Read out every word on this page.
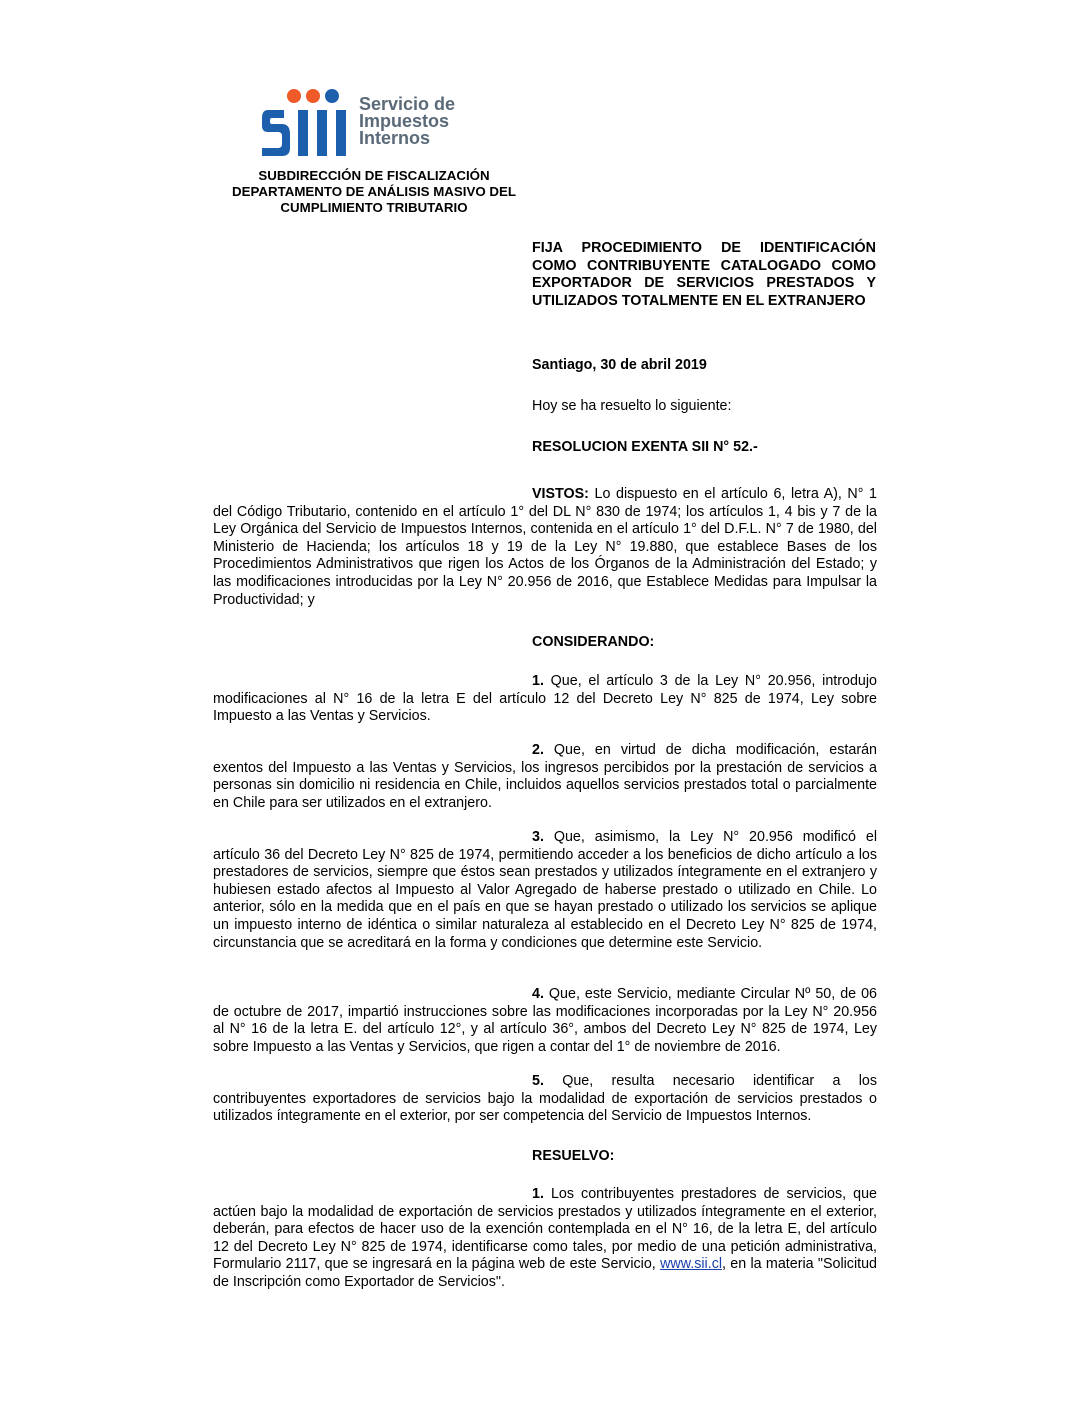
Servicio de
Impuestos
Internos
SUBDIRECCIÓN DE FISCALIZACIÓN
DEPARTAMENTO DE ANÁLISIS MASIVO DEL
CUMPLIMIENTO TRIBUTARIO
FIJA PROCEDIMIENTO DE IDENTIFICACIÓN COMO CONTRIBUYENTE CATALOGADO COMO EXPORTADOR DE SERVICIOS PRESTADOS Y UTILIZADOS TOTALMENTE EN EL EXTRANJERO
Santiago, 30 de abril 2019
Hoy se ha resuelto lo siguiente:
RESOLUCION EXENTA SII N° 52.-
VISTOS: Lo dispuesto en el artículo 6, letra A), N° 1 del Código Tributario, contenido en el artículo 1° del DL N° 830 de 1974; los artículos 1, 4 bis y 7 de la Ley Orgánica del Servicio de Impuestos Internos, contenida en el artículo 1° del D.F.L. N° 7 de 1980, del Ministerio de Hacienda; los artículos 18 y 19 de la Ley N° 19.880, que establece Bases de los Procedimientos Administrativos que rigen los Actos de los Órganos de la Administración del Estado; y las modificaciones introducidas por la Ley N° 20.956 de 2016, que Establece Medidas para Impulsar la Productividad; y
CONSIDERANDO:
1. Que, el artículo 3 de la Ley N° 20.956, introdujo modificaciones al N° 16 de la letra E del artículo 12 del Decreto Ley N° 825 de 1974, Ley sobre Impuesto a las Ventas y Servicios.
2. Que, en virtud de dicha modificación, estarán exentos del Impuesto a las Ventas y Servicios, los ingresos percibidos por la prestación de servicios a personas sin domicilio ni residencia en Chile, incluidos aquellos servicios prestados total o parcialmente en Chile para ser utilizados en el extranjero.
3. Que, asimismo, la Ley N° 20.956 modificó el artículo 36 del Decreto Ley N° 825 de 1974, permitiendo acceder a los beneficios de dicho artículo a los prestadores de servicios, siempre que éstos sean prestados y utilizados íntegramente en el extranjero y hubiesen estado afectos al Impuesto al Valor Agregado de haberse prestado o utilizado en Chile. Lo anterior, sólo en la medida que en el país en que se hayan prestado o utilizado los servicios se aplique un impuesto interno de idéntica o similar naturaleza al establecido en el Decreto Ley N° 825 de 1974, circunstancia que se acreditará en la forma y condiciones que determine este Servicio.
4. Que, este Servicio, mediante Circular Nº 50, de 06 de octubre de 2017, impartió instrucciones sobre las modificaciones incorporadas por la Ley N° 20.956 al N° 16 de la letra E. del artículo 12°, y al artículo 36°, ambos del Decreto Ley N° 825 de 1974, Ley sobre Impuesto a las Ventas y Servicios, que rigen a contar del 1° de noviembre de 2016.
5. Que, resulta necesario identificar a los contribuyentes exportadores de servicios bajo la modalidad de exportación de servicios prestados o utilizados íntegramente en el exterior, por ser competencia del Servicio de Impuestos Internos.
RESUELVO:
1. Los contribuyentes prestadores de servicios, que actúen bajo la modalidad de exportación de servicios prestados y utilizados íntegramente en el exterior, deberán, para efectos de hacer uso de la exención contemplada en el N° 16, de la letra E, del artículo 12 del Decreto Ley N° 825 de 1974, identificarse como tales, por medio de una petición administrativa, Formulario 2117, que se ingresará en la página web de este Servicio, www.sii.cl, en la materia "Solicitud de Inscripción como Exportador de Servicios".
